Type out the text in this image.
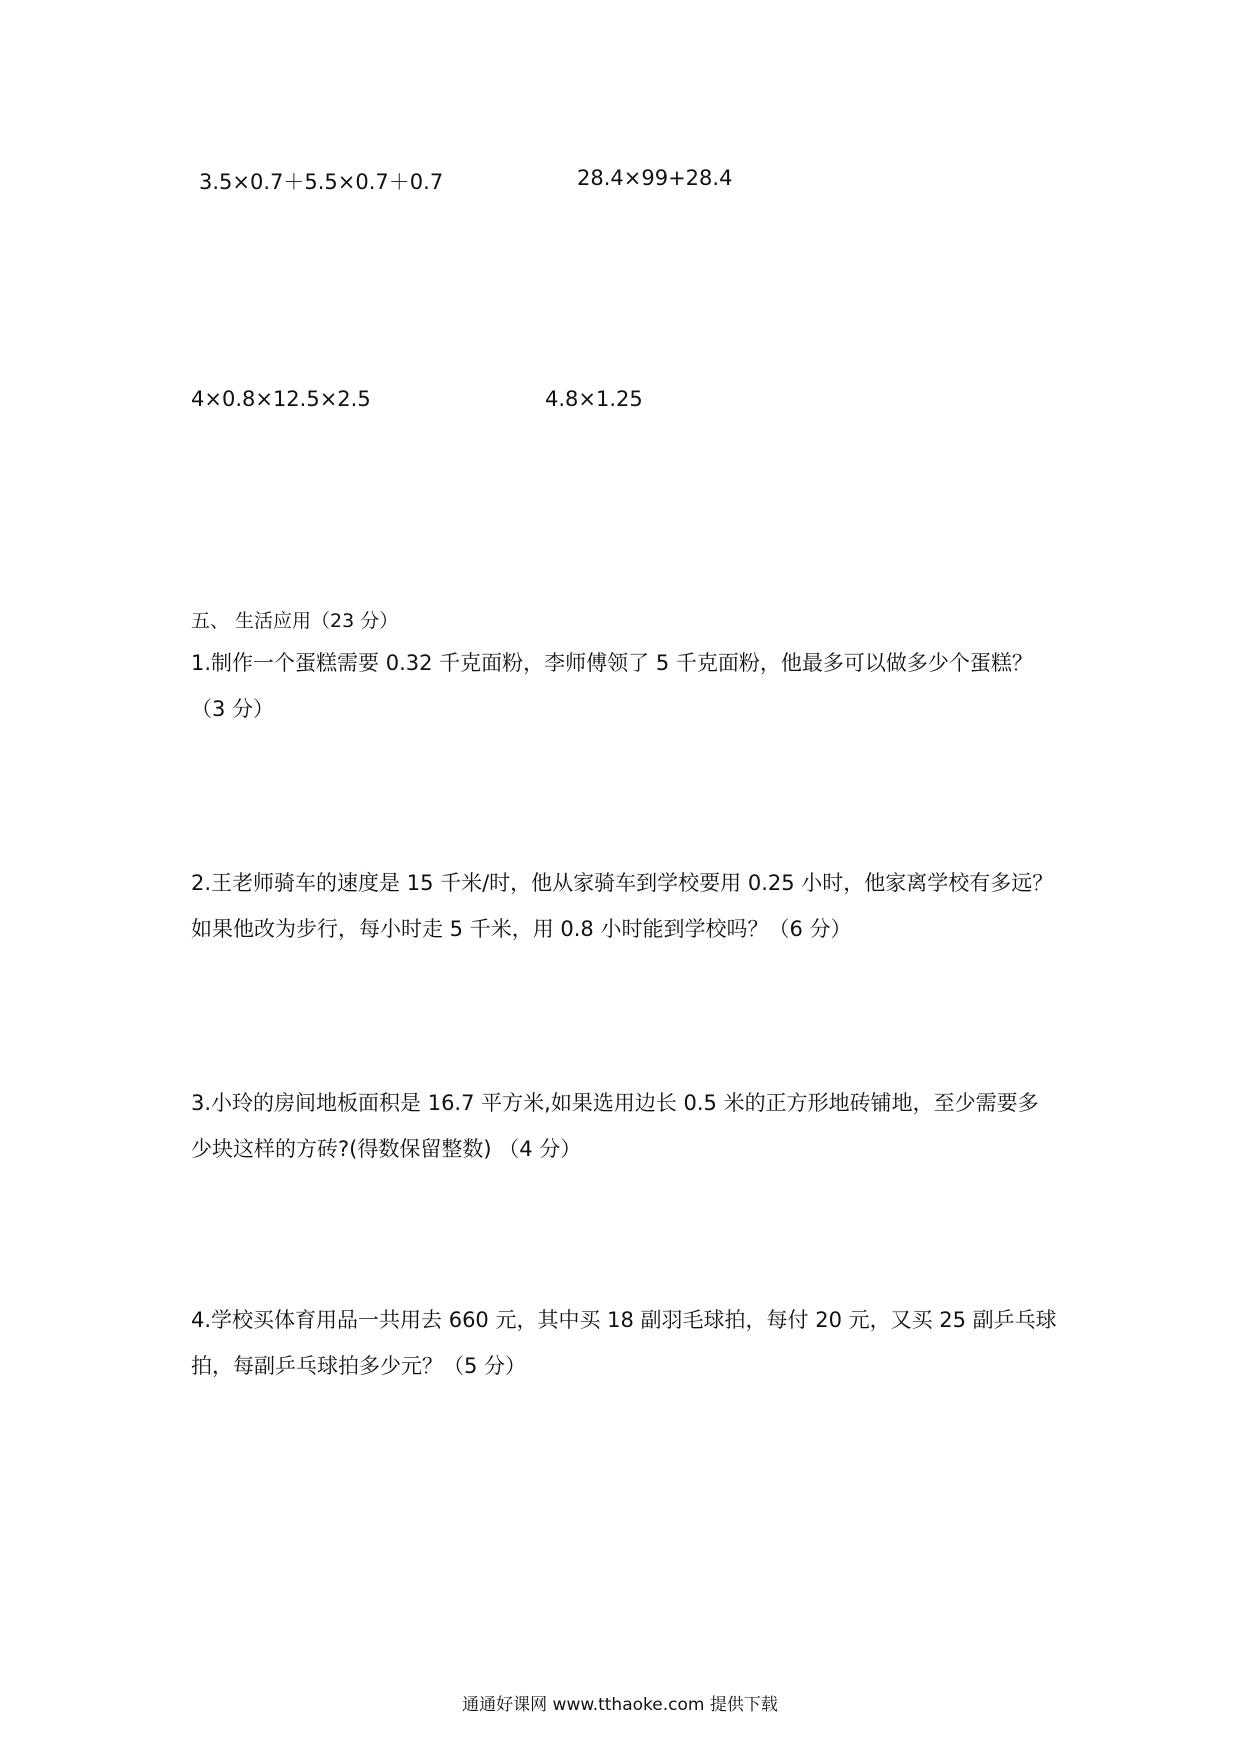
3.5×0.7＋5.5×0.7＋0.7	28.4×99+28.4
4×0.8×12.5×2.5	4.8×1.25
五、 生活应用（23 分）
1.制作一个蛋糕需要 0.32 千克面粉，李师傅领了 5 千克面粉，他最多可以做多少个蛋糕？
（3 分）
2.王老师骑车的速度是 15 千米/时，他从家骑车到学校要用 0.25 小时，他家离学校有多远？
如果他改为步行，每小时走 5 千米，用 0.8 小时能到学校吗？（6 分）
3.小玲的房间地板面积是 16.7 平方米,如果选用边长 0.5 米的正方形地砖铺地，至少需要多
少块这样的方砖?(得数保留整数) （4 分）
4.学校买体育用品一共用去 660 元，其中买 18 副羽毛球拍，每付 20 元，又买 25 副乒乓球
拍，每副乒乓球拍多少元？（5 分）
通通好课网 www.tthaoke.com 提供下载
